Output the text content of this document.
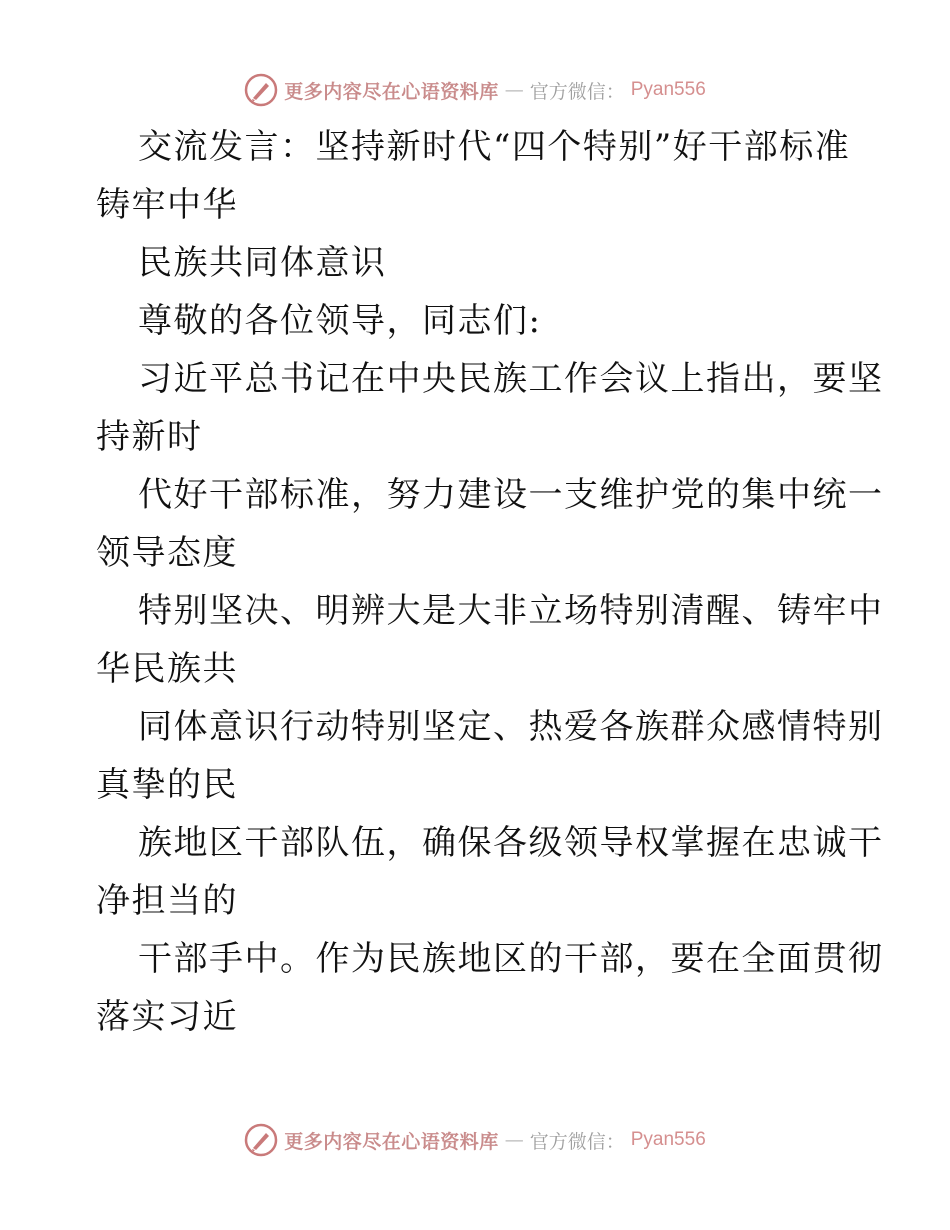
更多内容尽在心语资料库 — 官方微信： Pyan556
交流发言：坚持新时代“四个特别”好干部标准
铸牢中华
民族共同体意识
尊敬的各位领导，同志们:
习近平总书记在中央民族工作会议上指出，要坚
持新时
代好干部标准，努力建设一支维护党的集中统一
领导态度
特别坚决、明辨大是大非立场特别清醒、铸牢中
华民族共
同体意识行动特别坚定、热爱各族群众感情特别
真挚的民
族地区干部队伍，确保各级领导权掌握在忠诚干
净担当的
干部手中。作为民族地区的干部，要在全面贯彻
落实习近
更多内容尽在心语资料库 — 官方微信： Pyan556
